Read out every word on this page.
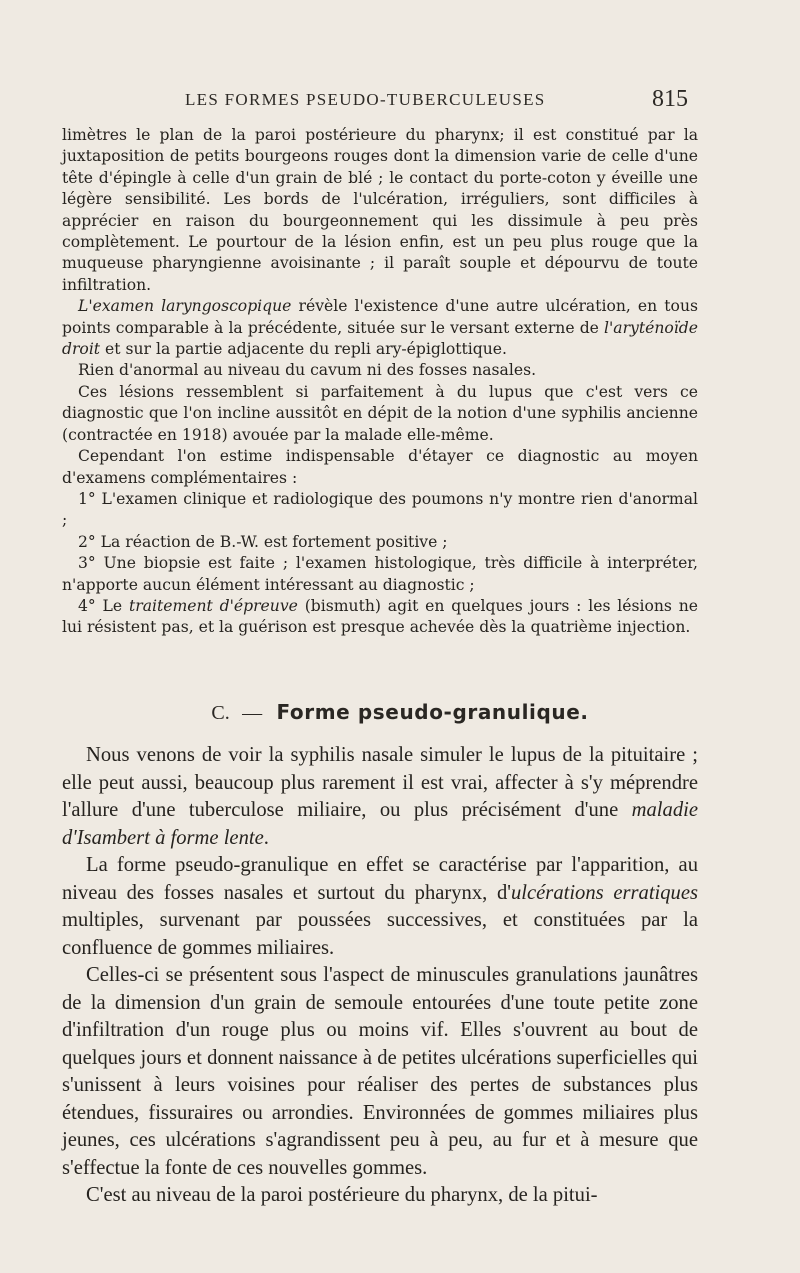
LES FORMES PSEUDO-TUBERCULEUSES	815

limètres le plan de la paroi postérieure du pharynx; il est constitué par la juxtaposition de petits bourgeons rouges dont la dimension varie de celle d'une tête d'épingle à celle d'un grain de blé ; le contact du porte-coton y éveille une légère sensibilité. Les bords de l'ulcération, irréguliers, sont difficiles à apprécier en raison du bourgeonnement qui les dissimule à peu près complètement. Le pourtour de la lésion enfin, est un peu plus rouge que la muqueuse pharyngienne avoisinante ; il paraît souple et dépourvu de toute infiltration.

L'examen laryngoscopique révèle l'existence d'une autre ulcération, en tous points comparable à la précédente, située sur le versant externe de l'aryténoïde droit et sur la partie adjacente du repli ary-épiglottique.

Rien d'anormal au niveau du cavum ni des fosses nasales.

Ces lésions ressemblent si parfaitement à du lupus que c'est vers ce diagnostic que l'on incline aussitôt en dépit de la notion d'une syphilis ancienne (contractée en 1918) avouée par la malade elle-même.

Cependant l'on estime indispensable d'étayer ce diagnostic au moyen d'examens complémentaires :

1° L'examen clinique et radiologique des poumons n'y montre rien d'anormal ;

2° La réaction de B.-W. est fortement positive ;

3° Une biopsie est faite ; l'examen histologique, très difficile à interpréter, n'apporte aucun élément intéressant au diagnostic ;

4° Le traitement d'épreuve (bismuth) agit en quelques jours : les lésions ne lui résistent pas, et la guérison est presque achevée dès la quatrième injection.

C. — Forme pseudo-granulique.

Nous venons de voir la syphilis nasale simuler le lupus de la pituitaire ; elle peut aussi, beaucoup plus rarement il est vrai, affecter à s'y méprendre l'allure d'une tuberculose miliaire, ou plus précisément d'une maladie d'Isambert à forme lente.

La forme pseudo-granulique en effet se caractérise par l'apparition, au niveau des fosses nasales et surtout du pharynx, d'ulcérations erratiques multiples, survenant par poussées successives, et constituées par la confluence de gommes miliaires.

Celles-ci se présentent sous l'aspect de minuscules granulations jaunâtres de la dimension d'un grain de semoule entourées d'une toute petite zone d'infiltration d'un rouge plus ou moins vif. Elles s'ouvrent au bout de quelques jours et donnent naissance à de petites ulcérations superficielles qui s'unissent à leurs voisines pour réaliser des pertes de substances plus étendues, fissuraires ou arrondies. Environnées de gommes miliaires plus jeunes, ces ulcérations s'agrandissent peu à peu, au fur et à mesure que s'effectue la fonte de ces nouvelles gommes.

C'est au niveau de la paroi postérieure du pharynx, de la pitui-
